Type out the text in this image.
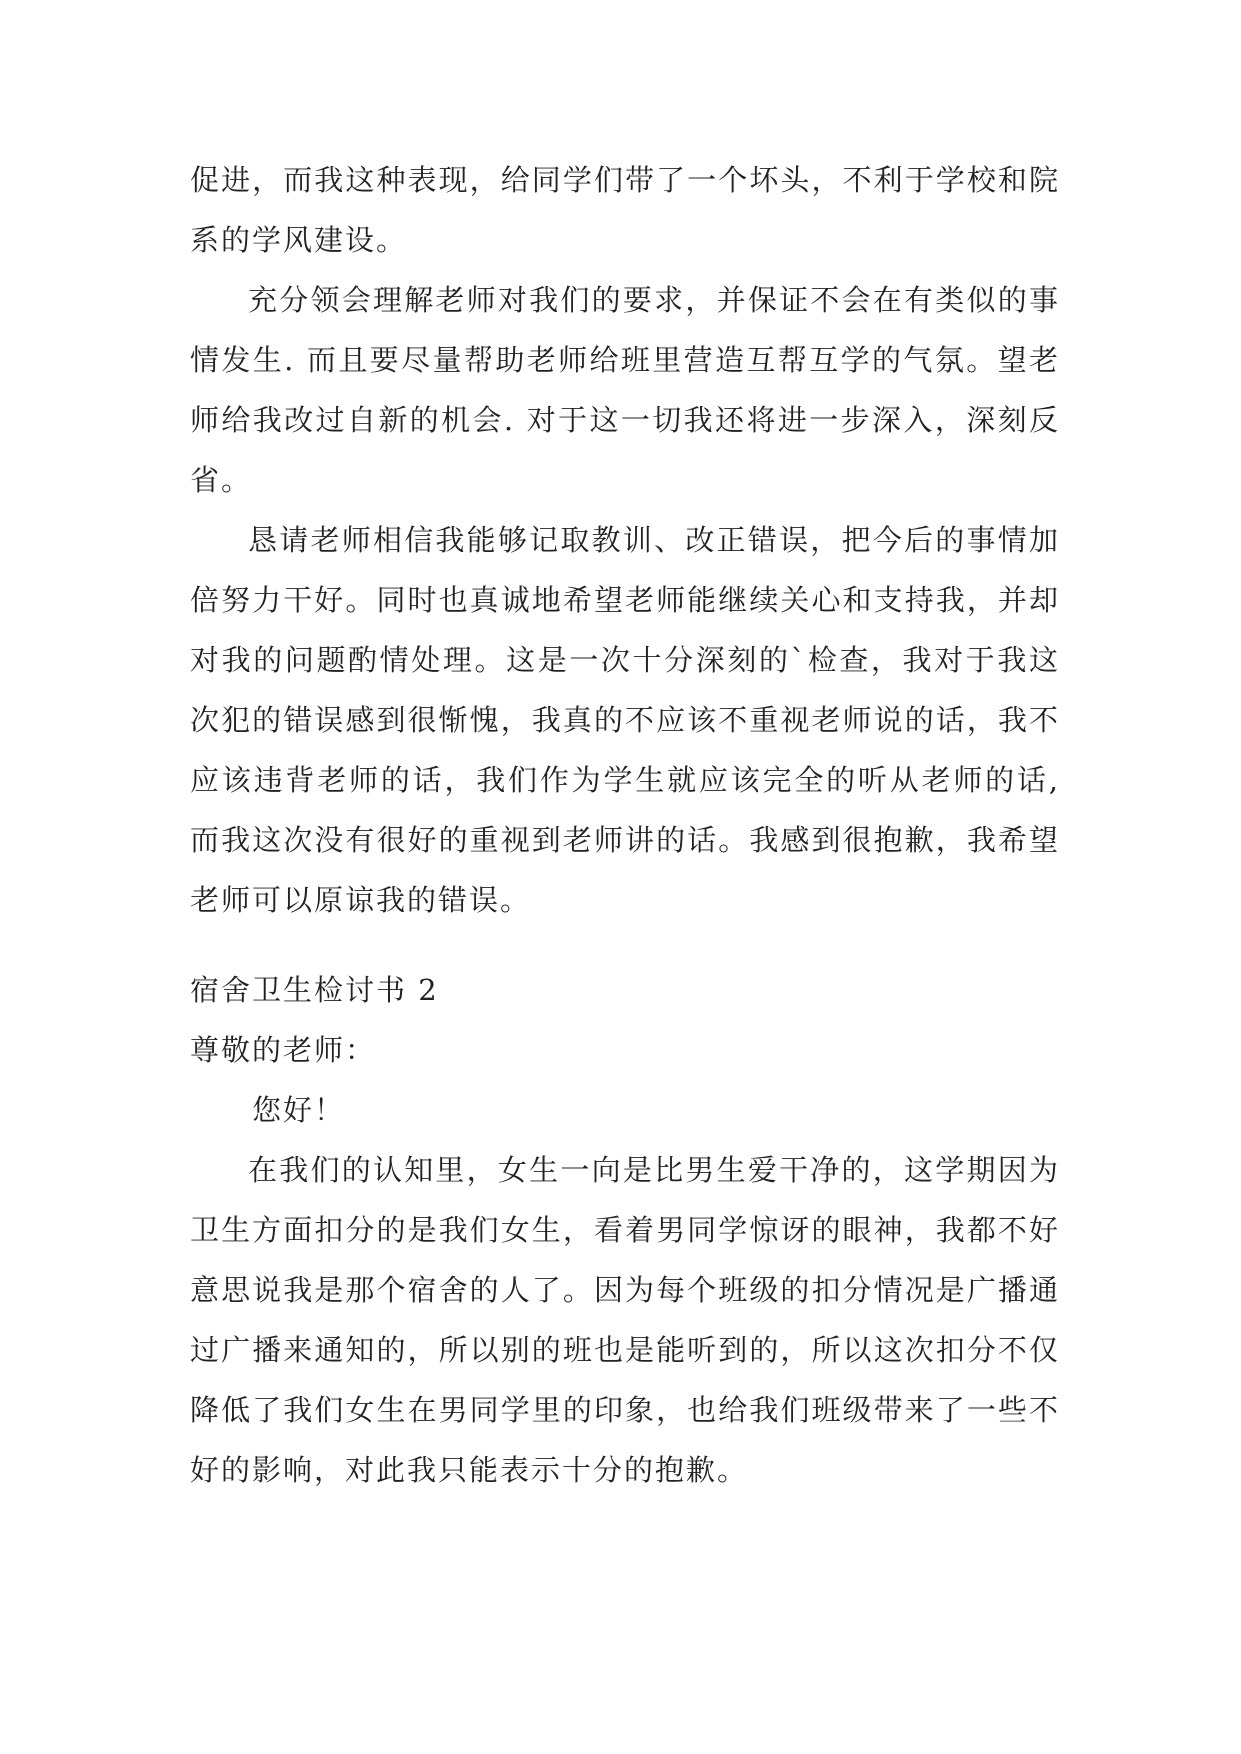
促进，而我这种表现，给同学们带了一个坏头，不利于学校和院系的学风建设。

充分领会理解老师对我们的要求，并保证不会在有类似的事情发生. 而且要尽量帮助老师给班里营造互帮互学的气氛。望老师给我改过自新的机会. 对于这一切我还将进一步深入，深刻反省。

恳请老师相信我能够记取教训、改正错误，把今后的事情加倍努力干好。同时也真诚地希望老师能继续关心和支持我，并却对我的问题酌情处理。这是一次十分深刻的`检查，我对于我这次犯的错误感到很惭愧，我真的不应该不重视老师说的话，我不应该违背老师的话，我们作为学生就应该完全的听从老师的话,而我这次没有很好的重视到老师讲的话。我感到很抱歉，我希望老师可以原谅我的错误。

宿舍卫生检讨书 2
尊敬的老师：
您好！

在我们的认知里，女生一向是比男生爱干净的，这学期因为卫生方面扣分的是我们女生，看着男同学惊讶的眼神，我都不好意思说我是那个宿舍的人了。因为每个班级的扣分情况是广播通过广播来通知的，所以别的班也是能听到的，所以这次扣分不仅降低了我们女生在男同学里的印象，也给我们班级带来了一些不好的影响，对此我只能表示十分的抱歉。
